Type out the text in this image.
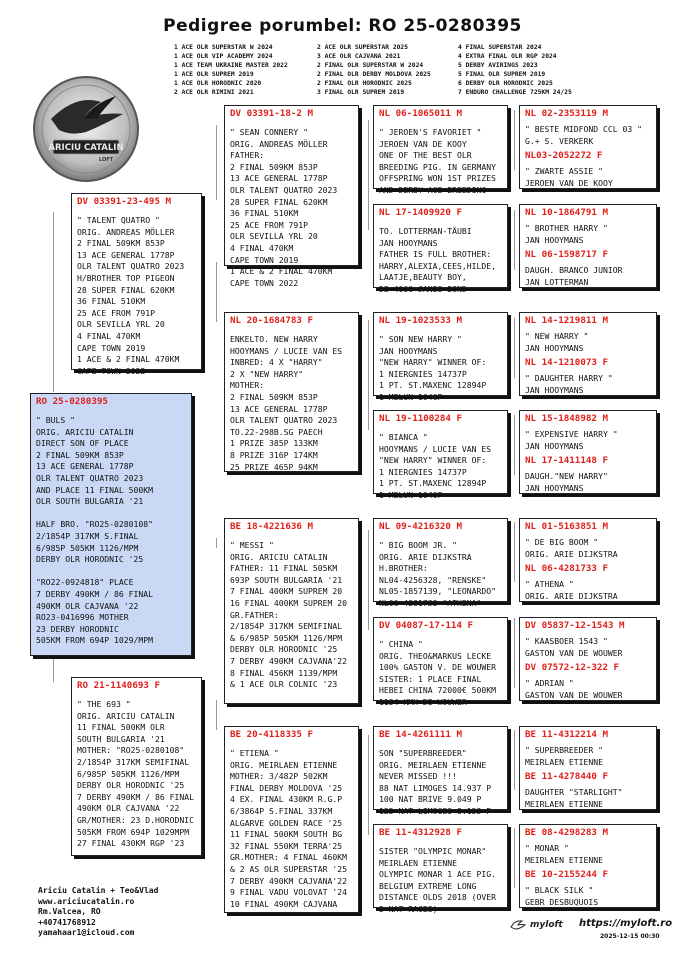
Pedigree porumbel: RO 25-0280395
1 ACE OLR SUPERSTAR W 2024
1 ACE OLR VIP ACADEMY 2024
1 ACE TEAM UKRAINE MASTER 2022
1 ACE OLR SUPREM 2019
1 ACE OLR HORODNIC 2020
2 ACE OLR RIMINI 2021
2 ACE OLR SUPERSTAR 2025
3 ACE OLR CAJVANA 2021
2 FINAL OLR SUPERSTAR W 2024
2 FINAL OLR DERBY MOLDOVA 2025
2 FINAL OLR HORODNIC 2025
3 FINAL OLR SUPREM 2019
4 FINAL SUPERSTAR 2024
4 EXTRA FINAL OLR RGP 2024
5 DERBY AVIRINGS 2023
5 FINAL OLR SUPREM 2019
6 DERBY OLR HORODNIC 2025
7 ENDURO CHALLENGE 725KM 24/25
ARICIU CATALIN
LOFT
RO 25-0280395
" BULS "
ORIG. ARICIU CATALIN
DIRECT SON OF PLACE
2 FINAL 509KM 853P
13 ACE GENERAL 1778P
OLR TALENT QUATRO 2023
AND PLACE 11 FINAL 500KM
OLR SOUTH BULGARIA '21

HALF BRO. "RO25-0280108"
2/1854P 317KM S.FINAL
6/985P 505KM 1126/MPM
DERBY OLR HORODNIC '25

"RO22-0924818" PLACE
7 DERBY 490KM / 86 FINAL
490KM OLR CAJVANA '22
RO23-0416996 MOTHER
23 DERBY HORODNIC
505KM FROM 694P 1029/MPM
DV 03391-23-495 M
" TALENT QUATRO "
ORIG. ANDREAS MÖLLER
2 FINAL 509KM 853P
13 ACE GENERAL 1778P
OLR TALENT QUATRO 2023
H/BROTHER TOP PIGEON
28 SUPER FINAL 620KM
36 FINAL 510KM
25 ACE FROM 791P
OLR SEVILLA YRL 20
4 FINAL 470KM
CAPE TOWN 2019
1 ACE & 2 FINAL 470KM
CAPE TOWN 2022
RO 21-1140693 F
" THE 693 "
ORIG. ARICIU CATALIN
11 FINAL 500KM OLR
SOUTH BULGARIA '21
MOTHER: "RO25-0280108"
2/1854P 317KM SEMIFINAL
6/985P 505KM 1126/MPM
DERBY OLR HORODNIC '25
7 DERBY 490KM / 86 FINAL
490KM OLR CAJVANA '22
GR/MOTHER: 23 D.HORODNIC
505KM FROM 694P 1029MPM
27 FINAL 430KM RGP '23
DV 03391-18-2 M
" SEAN CONNERY "
ORIG. ANDREAS MÖLLER
FATHER:
2 FINAL 509KM 853P
13 ACE GENERAL 1778P
OLR TALENT QUATRO 2023
28 SUPER FINAL 620KM
36 FINAL 510KM
25 ACE FROM 791P
OLR SEVILLA YRL 20
4 FINAL 470KM
CAPE TOWN 2019
1 ACE & 2 FINAL 470KM
CAPE TOWN 2022
NL 20-1684783 F
ENKELTO. NEW HARRY
HOOYMANS / LUCIE VAN ES
INBRED: 4 X "HARRY"
2 X "NEW HARRY"
MOTHER:
2 FINAL 509KM 853P
13 ACE GENERAL 1778P
OLR TALENT QUATRO 2023
TO.22-298B.SG PAECH
1 PRIZE 385P 133KM
8 PRIZE 316P 174KM
25 PRIZE 465P 94KM
BE 18-4221636 M
" MESSI "
ORIG. ARICIU CATALIN
FATHER: 11 FINAL 505KM
693P SOUTH BULGARIA '21
7 FINAL 400KM SUPREM 20
16 FINAL 400KM SUPREM 20
GR.FATHER:
2/1854P 317KM SEMIFINAL
& 6/985P 505KM 1126/MPM
DERBY OLR HORODNIC '25
7 DERBY 490KM CAJVANA'22
8 FINAL 456KM 1139/MPM
& 1 ACE OLR COLNIC '23
BE 20-4118335 F
" ETIENA "
ORIG. MEIRLAEN ETIENNE
MOTHER: 3/482P 502KM
FINAL DERBY MOLDOVA '25
4 EX. FINAL 430KM R.G.P
6/3864P S.FINAL 337KM
ALGARVE GOLDEN RACE '25
11 FINAL 500KM SOUTH BG
32 FINAL 550KM TERRA'25
GR.MOTHER: 4 FINAL 460KM
& 2 AS OLR SUPERSTAR '25
7 DERBY 490KM CAJVANA'22
9 FINAL VADU VOLOVAT '24
10 FINAL 490KM CAJVANA
NL 06-1065011 M
" JEROEN'S FAVORIET "
JEROEN VAN DE KOOY
ONE OF THE BEST OLR
BREEDING PIG. IN GERMANY
OFFSPRING WON 1ST PRIZES
AND DERBY ACE BREEDING
NL 17-1409920 F
TO. LOTTERMAN-TÄUBI
JAN HOOYMANS
FATHER IS FULL BROTHER:
HARRY,ALEXIA,CEES,HILDE,
LAATJE,BEAUTY BOY,
DE 4000 JANES BOND
NL 19-1023533 M
" SON NEW HARRY "
JAN HOOYMANS
"NEW HARRY" WINNER OF:
1 NIERGNIES 14737P
1 PT. ST.MAXENC 12894P
1 MELUN 1046P
NL 19-1100284 F
" BIANCA "
HOOYMANS / LUCIE VAN ES
"NEW HARRY" WINNER OF:
1 NIERGNIES 14737P
1 PT. ST.MAXENC 12894P
1 MELUN 1046P
NL 09-4216320 M
" BIG BOOM JR. "
ORIG. ARIE DIJKSTRA
H.BROTHER:
NL04-4256328, "RENSKE"
NL05-1857139, "LEONARDO"
NL06-4281733 "ATHENA"
DV 04087-17-114 F
" CHINA "
ORIG. THEO&MARKUS LECKE
100% GASTON V. DE WOUWER
SISTER: 1 PLACE FINAL
HEBEI CHINA 72000€ 500KM
1134 KMH DE WOUWER
BE 14-4261111 M
SON "SUPERBREEDER"
ORIG. MEIRLAEN ETIENNE
NEVER MISSED !!!
88 NAT LIMOGES 14.937 P
100 NAT BRIVE 9.049 P
125 NAT LIMOGES 8.153 P
BE 11-4312928 F
SISTER "OLYMPIC MONAR"
MEIRLAEN ETIENNE
OLYMPIC MONAR 1 ACE PIG.
BELGIUM EXTREME LONG
DISTANCE OLDS 2018 (OVER
5 NAT RACES)
NL 02-2353119 M
" BESTE MIDFOND CCL 03 "
G.+ S. VERKERK
NL03-2052272 F
" ZWARTE ASSIE "
JEROEN VAN DE KOOY
NL 10-1864791 M
" BROTHER HARRY "
JAN HOOYMANS
NL 06-1598717 F
DAUGH. BRANCO JUNIOR
JAN LOTTERMAN
NL 14-1219811 M
" NEW HARRY "
JAN HOOYMANS
NL 14-1210073 F
" DAUGHTER HARRY "
JAN HOOYMANS
NL 15-1848982 M
" EXPENSIVE HARRY "
JAN HOOYMANS
NL 17-1411148 F
DAUGH."NEW HARRY"
JAN HOOYMANS
NL 01-5163851 M
" DE BIG BOOM "
ORIG. ARIE DIJKSTRA
NL 06-4281733 F
" ATHENA "
ORIG. ARIE DIJKSTRA
DV 05837-12-1543 M
" KAASBOER 1543 "
GASTON VAN DE WOUWER
DV 07572-12-322 F
" ADRIAN "
GASTON VAN DE WOUWER
BE 11-4312214 M
" SUPERBREEDER "
MEIRLAEN ETIENNE
BE 11-4278440 F
DAUGHTER "STARLIGHT"
MEIRLAEN ETIENNE
BE 08-4298283 M
" MONAR "
MEIRLAEN ETIENNE
BE 10-2155244 F
" BLACK SILK "
GEBR DESBUQUOIS
Ariciu Catalin + Teo&Vlad
www.ariciucatalin.ro
Rm.Valcea, RO
+40741768912
yamahaar1@icloud.com
myloft https://myloft.ro
2025-12-15 00:30
